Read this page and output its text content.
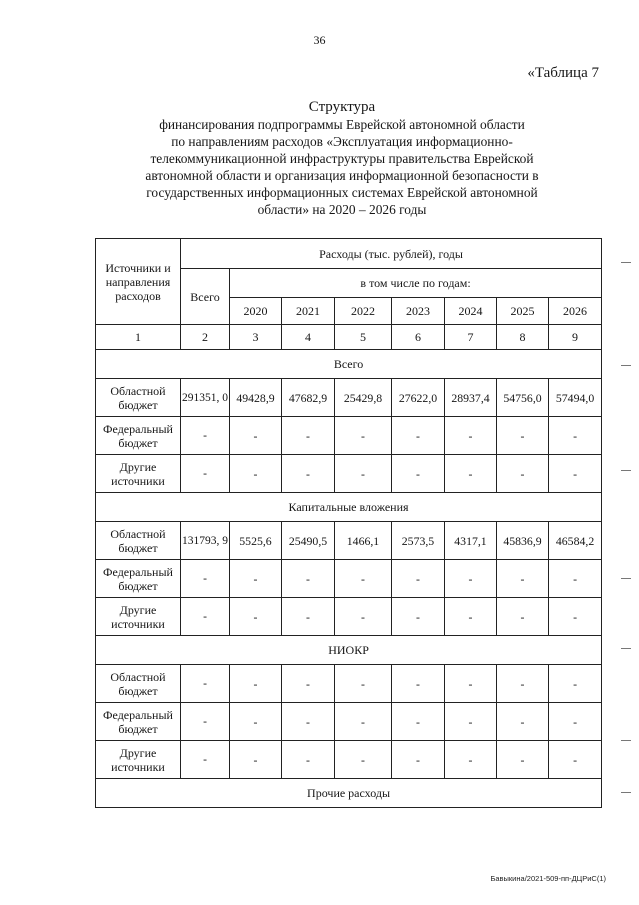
36
«Таблица 7
Структура
финансирования подпрограммы Еврейской автономной области
по направлениям расходов «Эксплуатация информационно-
телекоммуникационной инфраструктуры правительства Еврейской
автономной области и организация информационной безопасности в
государственных информационных системах Еврейской автономной
области» на 2020 – 2026 годы
Источники и направления расходов	Расходы (тыс. рублей), годы							
	Всего	в том числе по годам:						
		2020	2021	2022	2023	2024	2025	2026
1	2	3	4	5	6	7	8	9
Всего								
Областной бюджет	291351, 0	49428,9	47682,9	25429,8	27622,0	28937,4	54756,0	57494,0
Федеральный бюджет	-	-	-	-	-	-	-	-
Другие источники	-	-	-	-	-	-	-	-
Капитальные вложения								
Областной бюджет	131793, 9	5525,6	25490,5	1466,1	2573,5	4317,1	45836,9	46584,2
Федеральный бюджет	-	-	-	-	-	-	-	-
Другие источники	-	-	-	-	-	-	-	-
НИОКР								
Областной бюджет	-	-	-	-	-	-	-	-
Федеральный бюджет	-	-	-	-	-	-	-	-
Другие источники	-	-	-	-	-	-	-	-
Прочие расходы								
Бавыкина/2021-509-пп-ДЦРиС(1)
